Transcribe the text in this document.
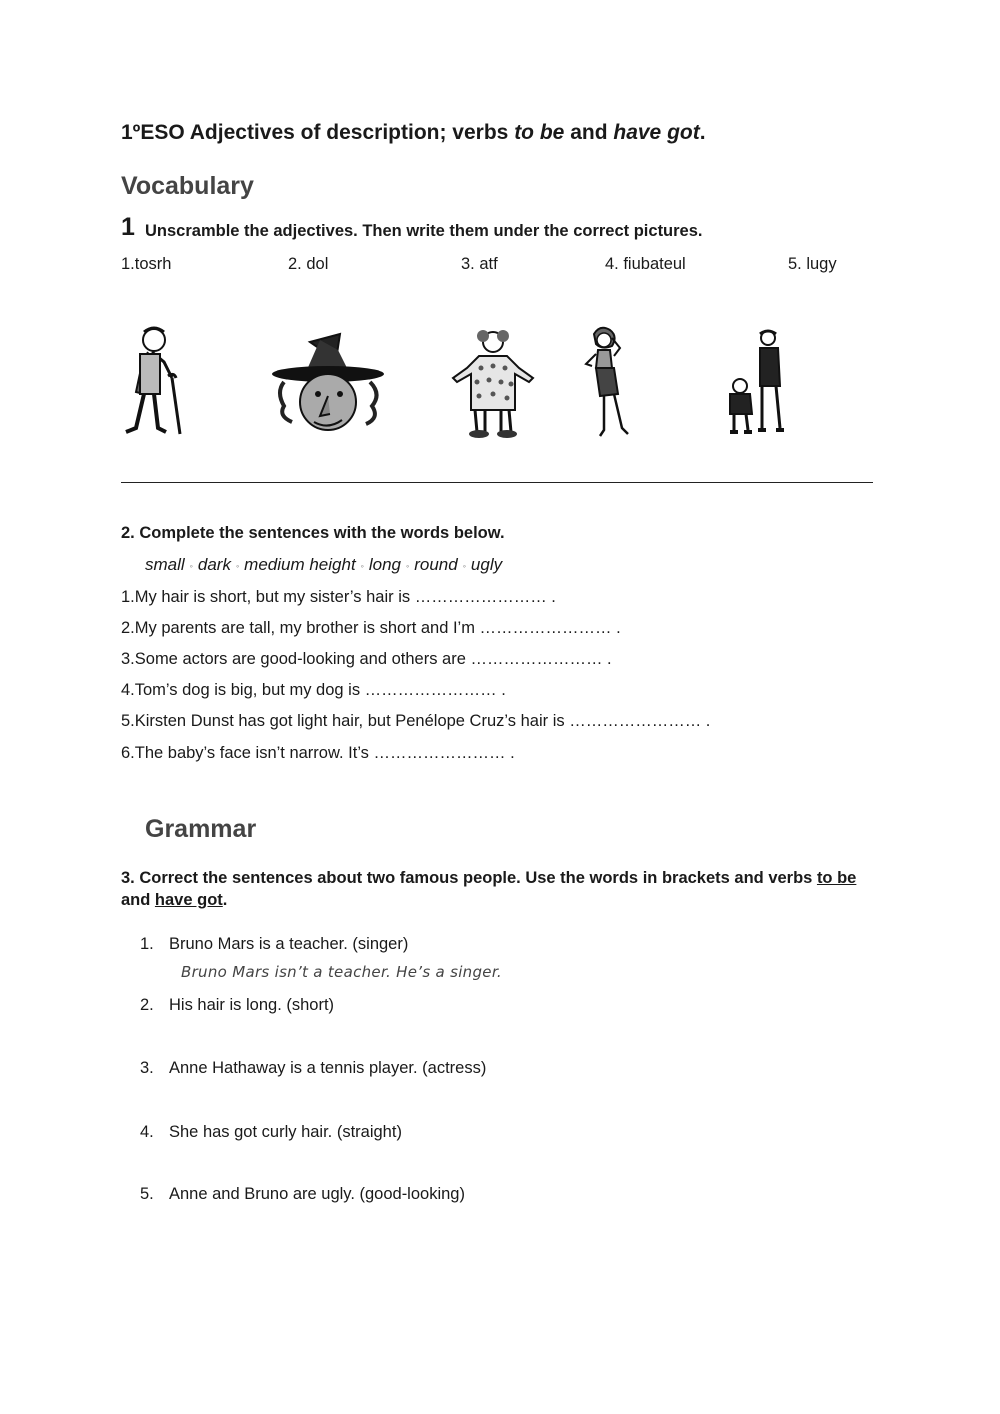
1ºESO Adjectives of description; verbs to be and have got.
Vocabulary
1 Unscramble the adjectives. Then write them under the correct pictures.
1.tosrh	2. dol	3. atf	4. fiubateul	5. lugy
2. Complete the sentences with the words below.
small ◦ dark ◦ medium height ◦ long ◦ round ◦ ugly
1.My hair is short, but my sister’s hair is …………………… .
2.My parents are tall, my brother is short and I’m …………………… .
3.Some actors are good-looking and others are …………………… .
4.Tom’s dog is big, but my dog is …………………… .
5.Kirsten Dunst has got light hair, but Penélope Cruz’s hair is …………………… .
6.The baby’s face isn’t narrow. It’s …………………… .
Grammar
3. Correct the sentences about two famous people. Use the words in brackets and verbs to be and have got.
1. Bruno Mars is a teacher. (singer)
Bruno Mars isn’t a teacher. He’s a singer.
2. His hair is long. (short)
3. Anne Hathaway is a tennis player. (actress)
4. She has got curly hair. (straight)
5. Anne and Bruno are ugly. (good-looking)
